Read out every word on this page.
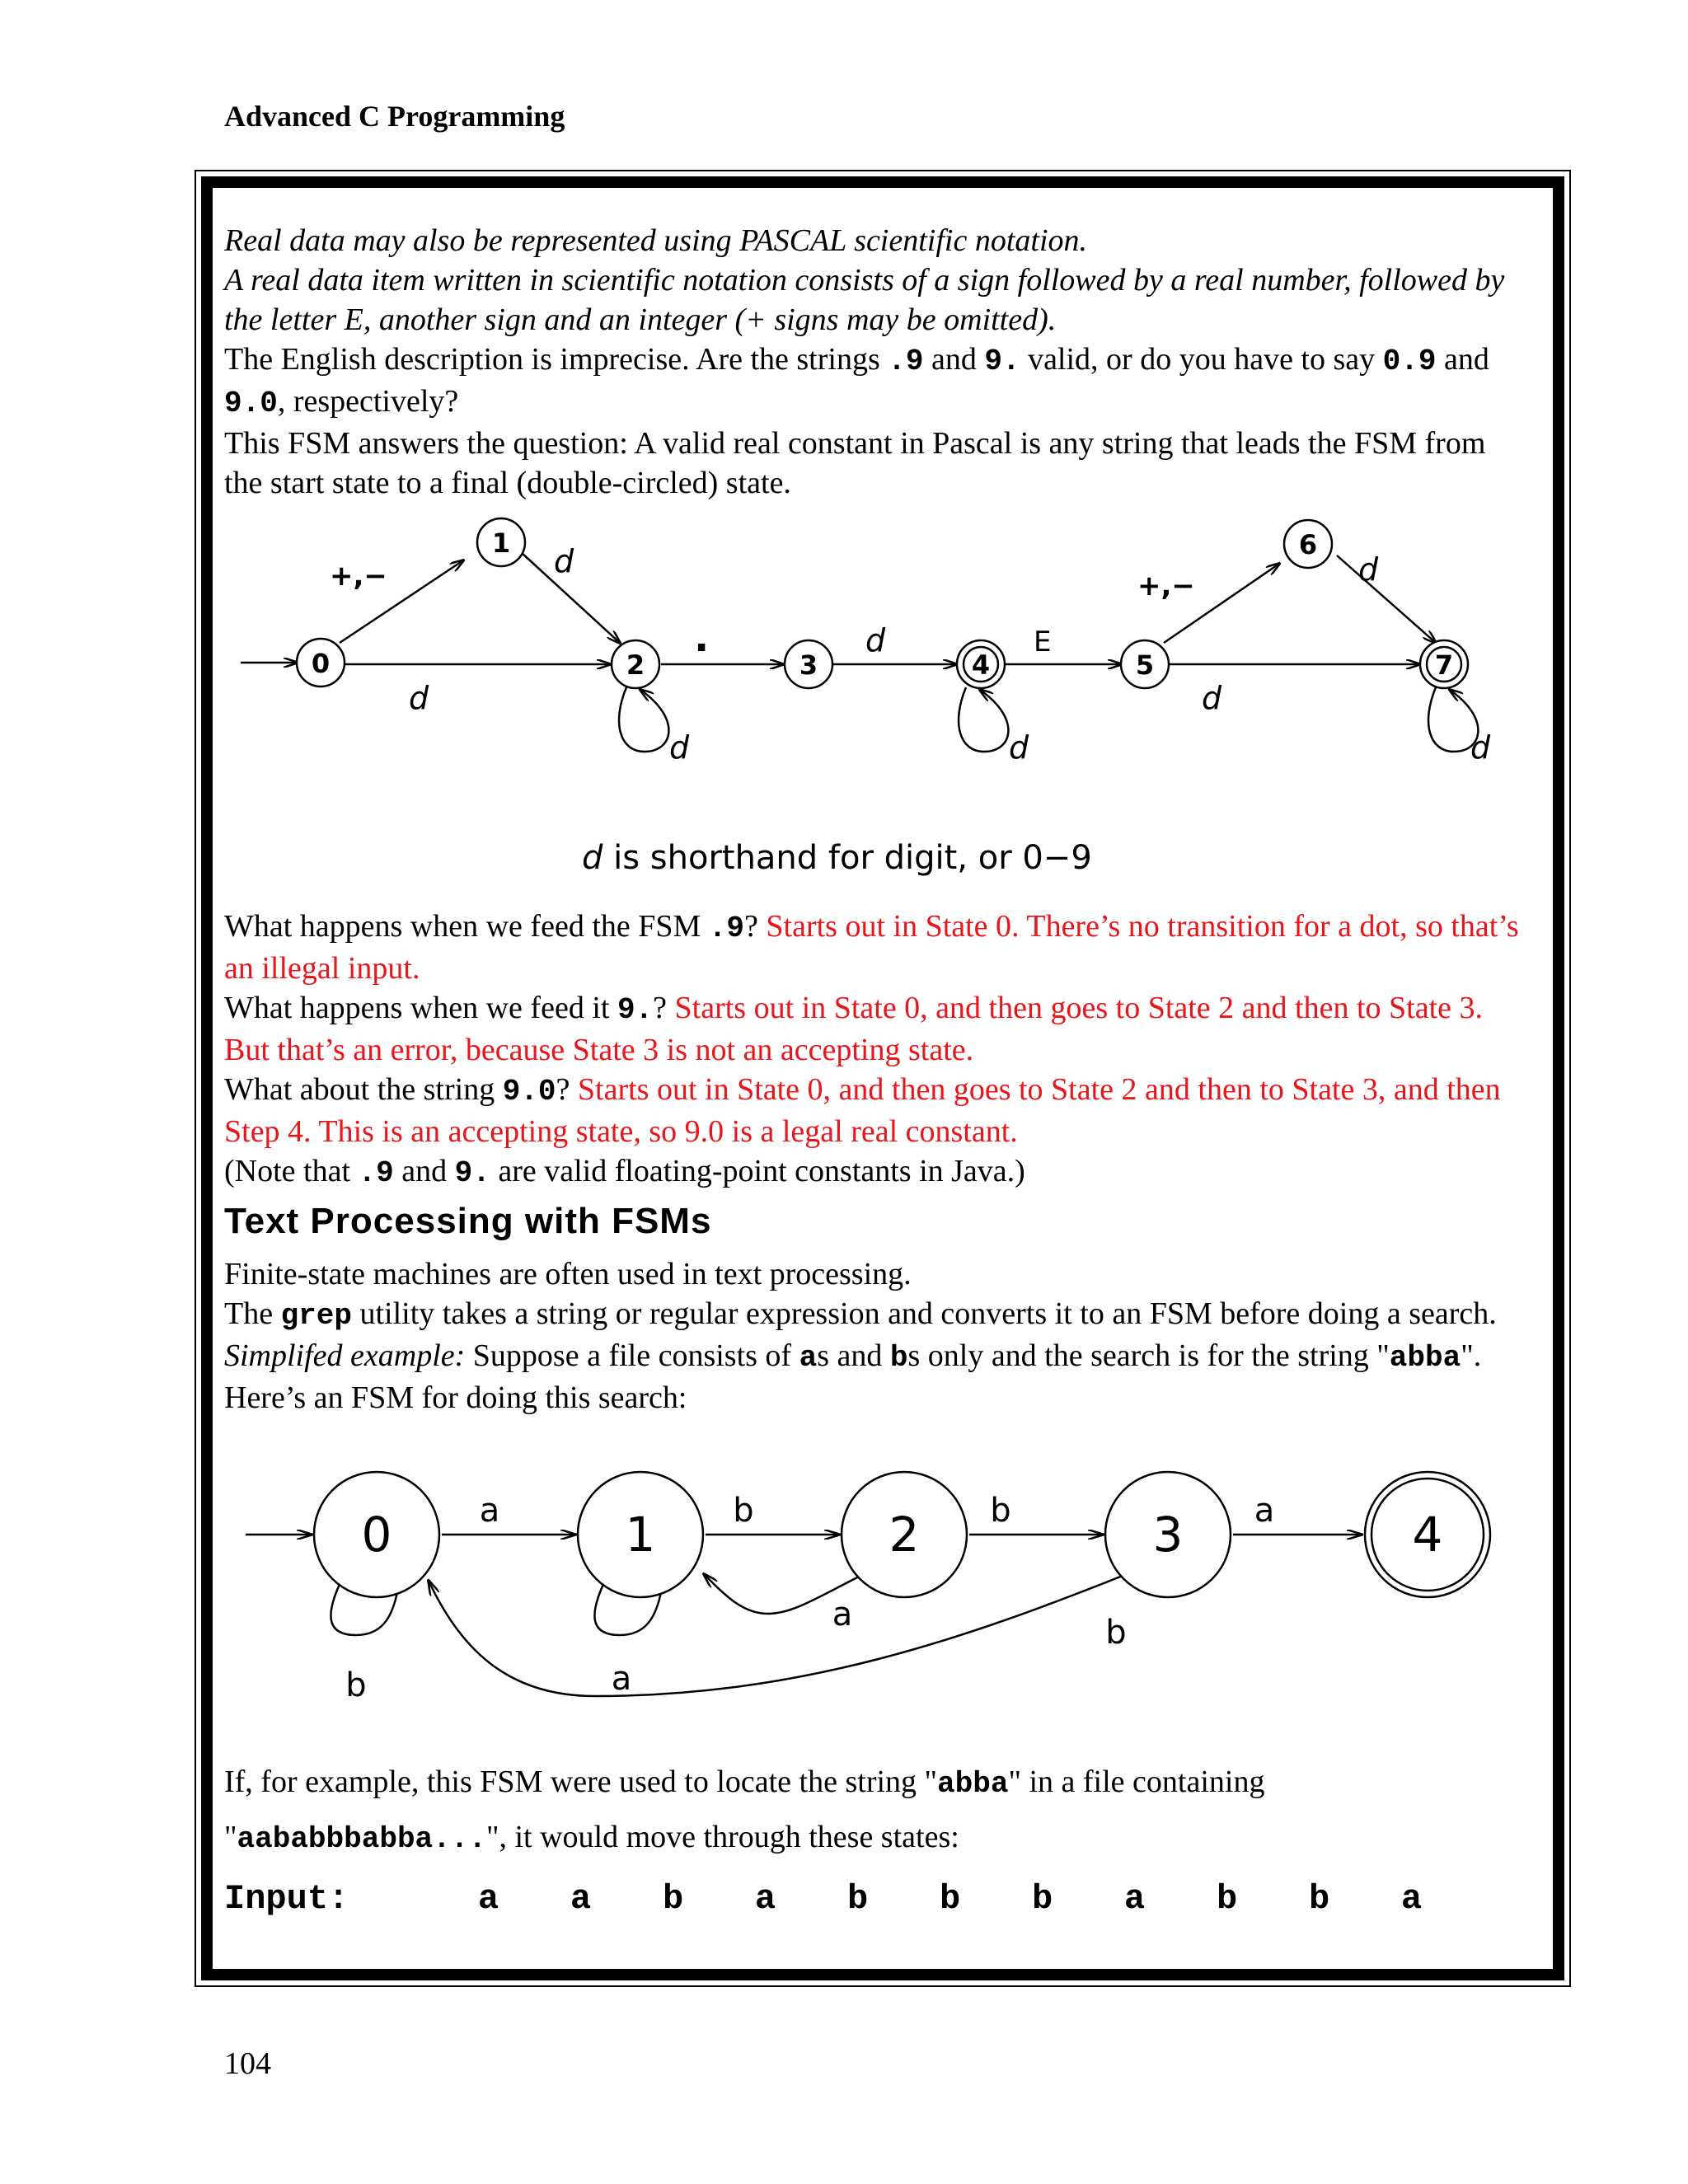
Advanced C Programming

Real data may also be represented using PASCAL scientific notation.

A real data item written in scientific notation consists of a sign followed by a real number, followed by the letter E, another sign and an integer (+ signs may be omitted).

The English description is imprecise. Are the strings .9 and 9. valid, or do you have to say 0.9 and 9.0, respectively?

This FSM answers the question: A valid real constant in Pascal is any string that leads the FSM from the start state to a final (double-circled) state.

0
1
2	3	4	5
6
7
+,−	d
d
.	d	E
+,−	d
d
d	d	d
d is shorthand for digit, or 0−9

What happens when we feed the FSM .9? Starts out in State 0. There’s no transition for a dot, so that’s an illegal input.

What happens when we feed it 9.? Starts out in State 0, and then goes to State 2 and then to State 3. But that’s an error, because State 3 is not an accepting state.

What about the string 9.0? Starts out in State 0, and then goes to State 2 and then to State 3, and then Step 4. This is an accepting state, so 9.0 is a legal real constant.

(Note that .9 and 9. are valid floating-point constants in Java.)

Text Processing with FSMs

Finite-state machines are often used in text processing.

The grep utility takes a string or regular expression and converts it to an FSM before doing a search.

Simplifed example: Suppose a file consists of as and bs only and the search is for the string "abba". Here’s an FSM for doing this search:

0	1	2	3	4
a	b	b	a
b	a
a	b

If, for example, this FSM were used to locate the string "abba" in a file containing

"aababbbabba...", it would move through these states:

Input:	a a b a b b b a b b a
104
